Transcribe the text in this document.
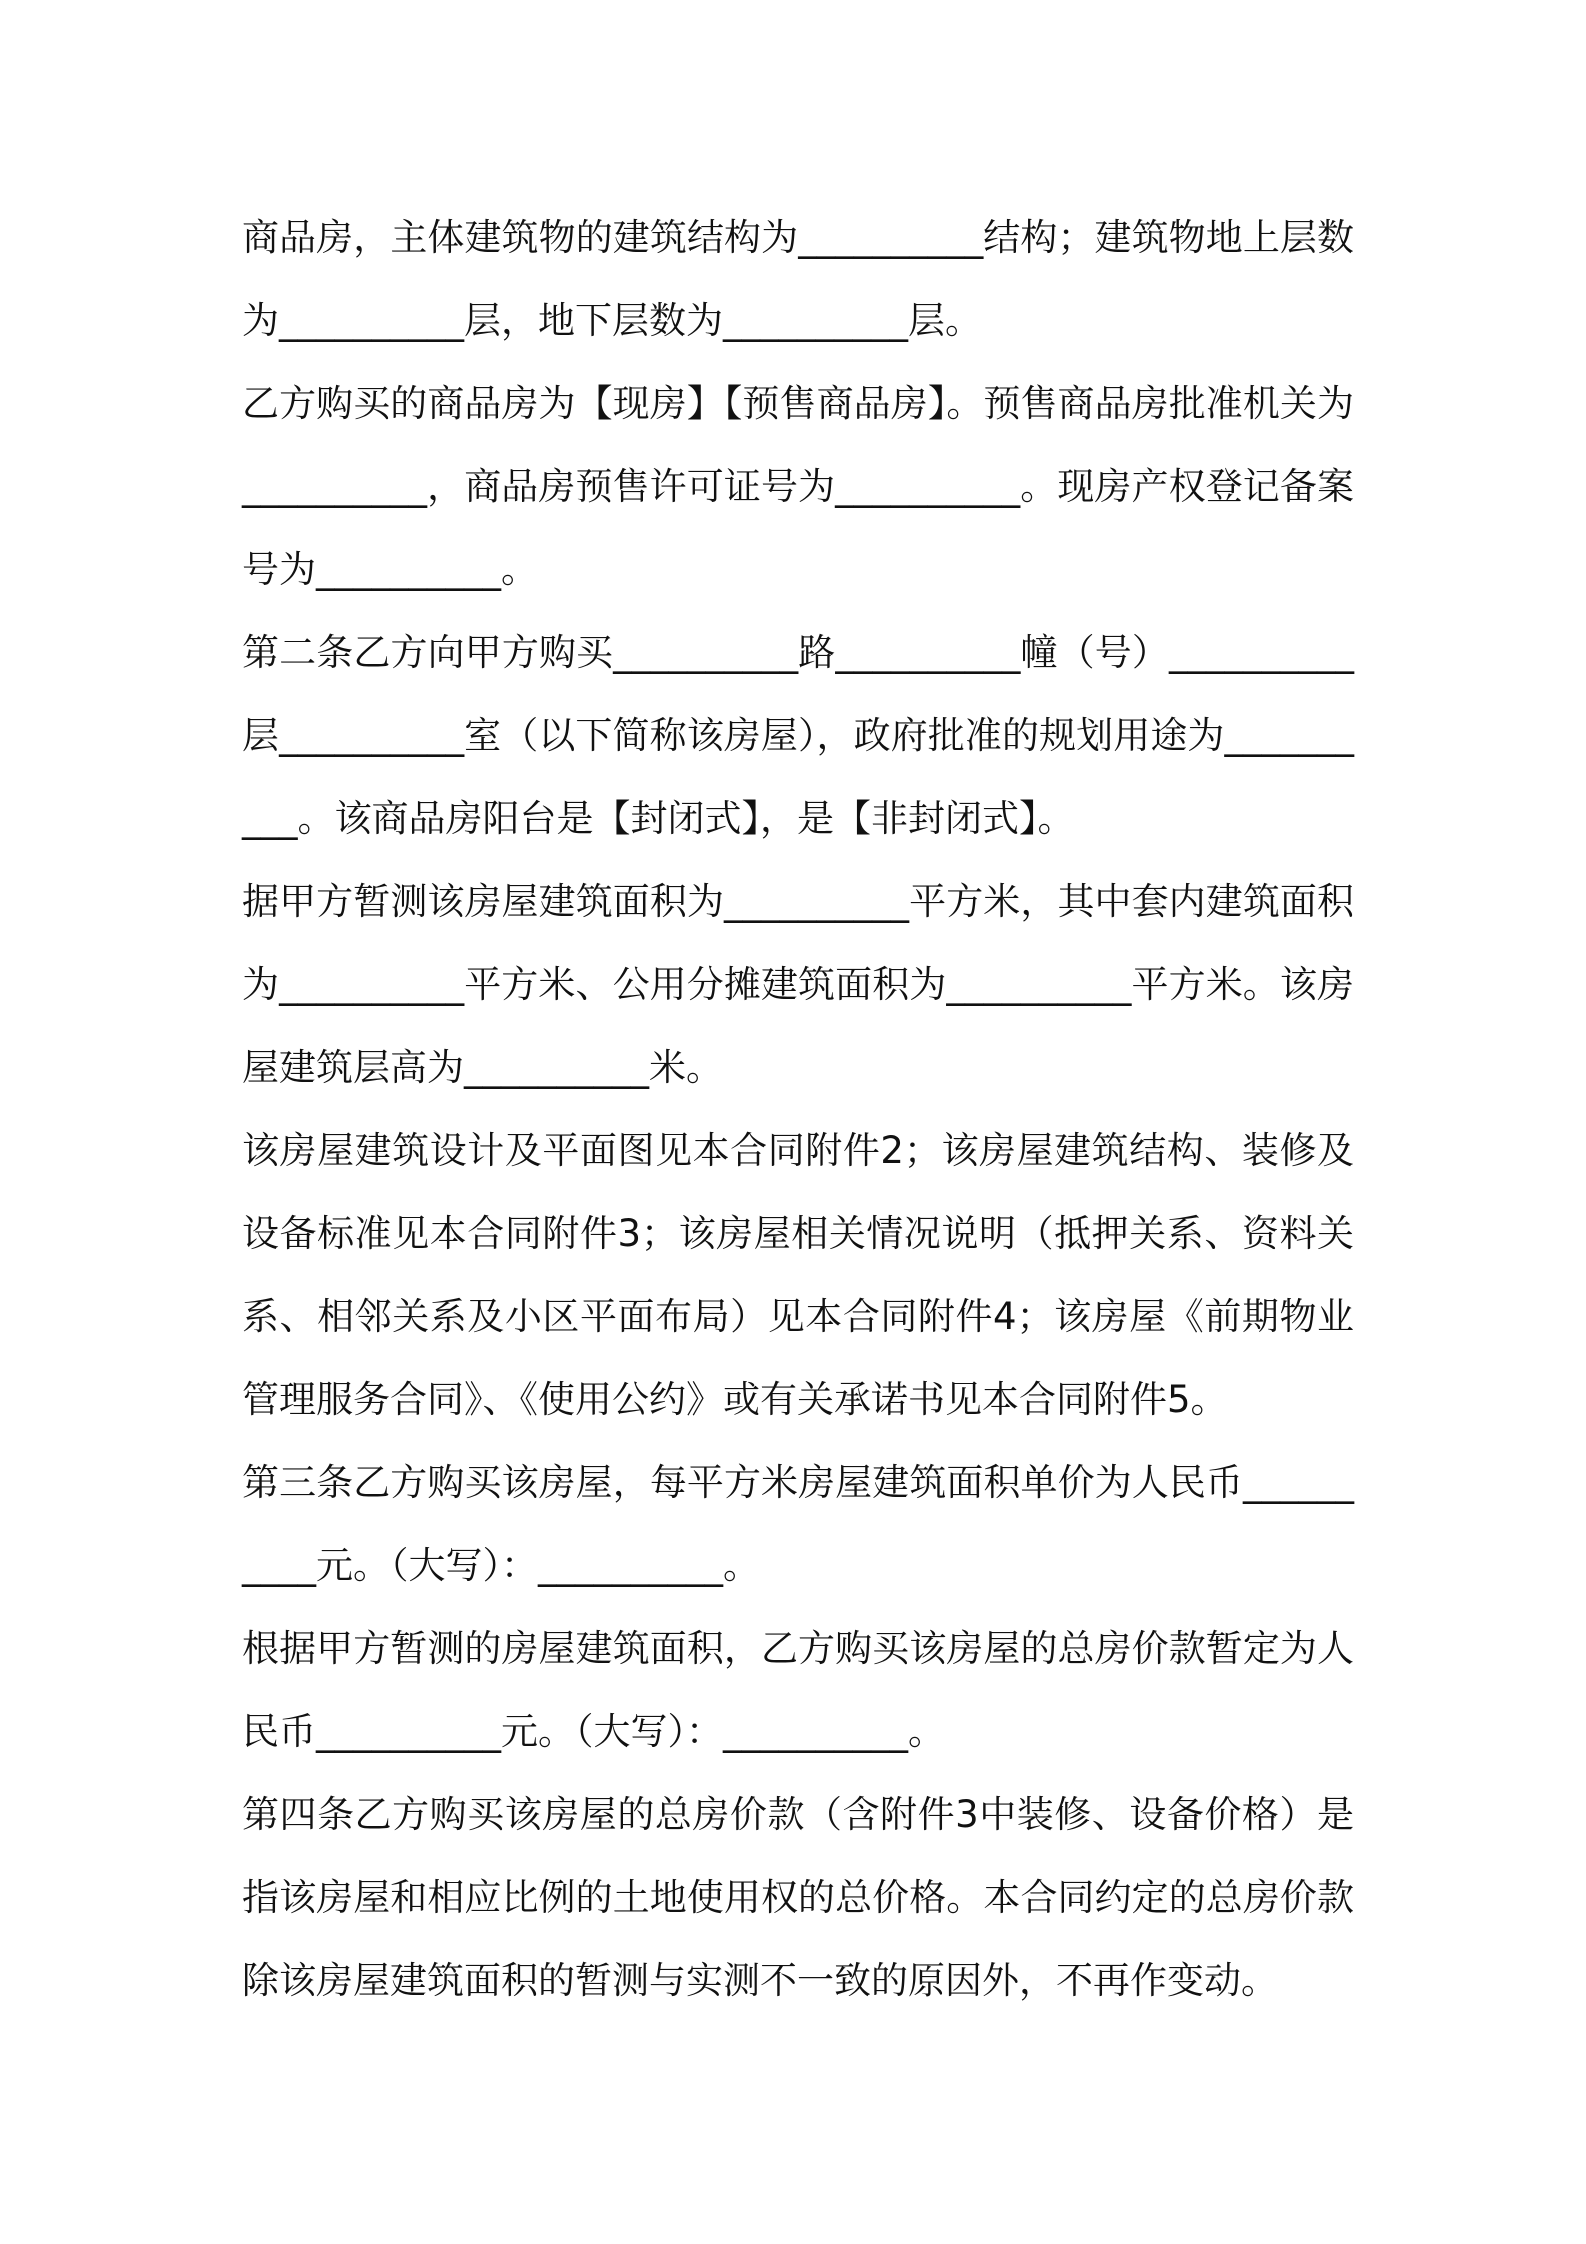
商品房，主体建筑物的建筑结构为__________结构；建筑物地上层数为__________层，地下层数为__________层。

乙方购买的商品房为【现房】【预售商品房】。预售商品房批准机关为__________，商品房预售许可证号为__________。现房产权登记备案号为__________。

第二条乙方向甲方购买__________路__________幢（号）__________层__________室（以下简称该房屋），政府批准的规划用途为__________。该商品房阳台是【封闭式】，是【非封闭式】。

据甲方暂测该房屋建筑面积为__________平方米，其中套内建筑面积为__________平方米、公用分摊建筑面积为__________平方米。该房屋建筑层高为__________米。

该房屋建筑设计及平面图见本合同附件2；该房屋建筑结构、装修及设备标准见本合同附件3；该房屋相关情况说明（抵押关系、资料关系、相邻关系及小区平面布局）见本合同附件4；该房屋《前期物业管理服务合同》、《使用公约》或有关承诺书见本合同附件5。

第三条乙方购买该房屋，每平方米房屋建筑面积单价为人民币__________元。（大写）：__________。

根据甲方暂测的房屋建筑面积，乙方购买该房屋的总房价款暂定为人民币__________元。（大写）：__________。

第四条乙方购买该房屋的总房价款（含附件3中装修、设备价格）是指该房屋和相应比例的土地使用权的总价格。本合同约定的总房价款除该房屋建筑面积的暂测与实测不一致的原因外，不再作变动。
